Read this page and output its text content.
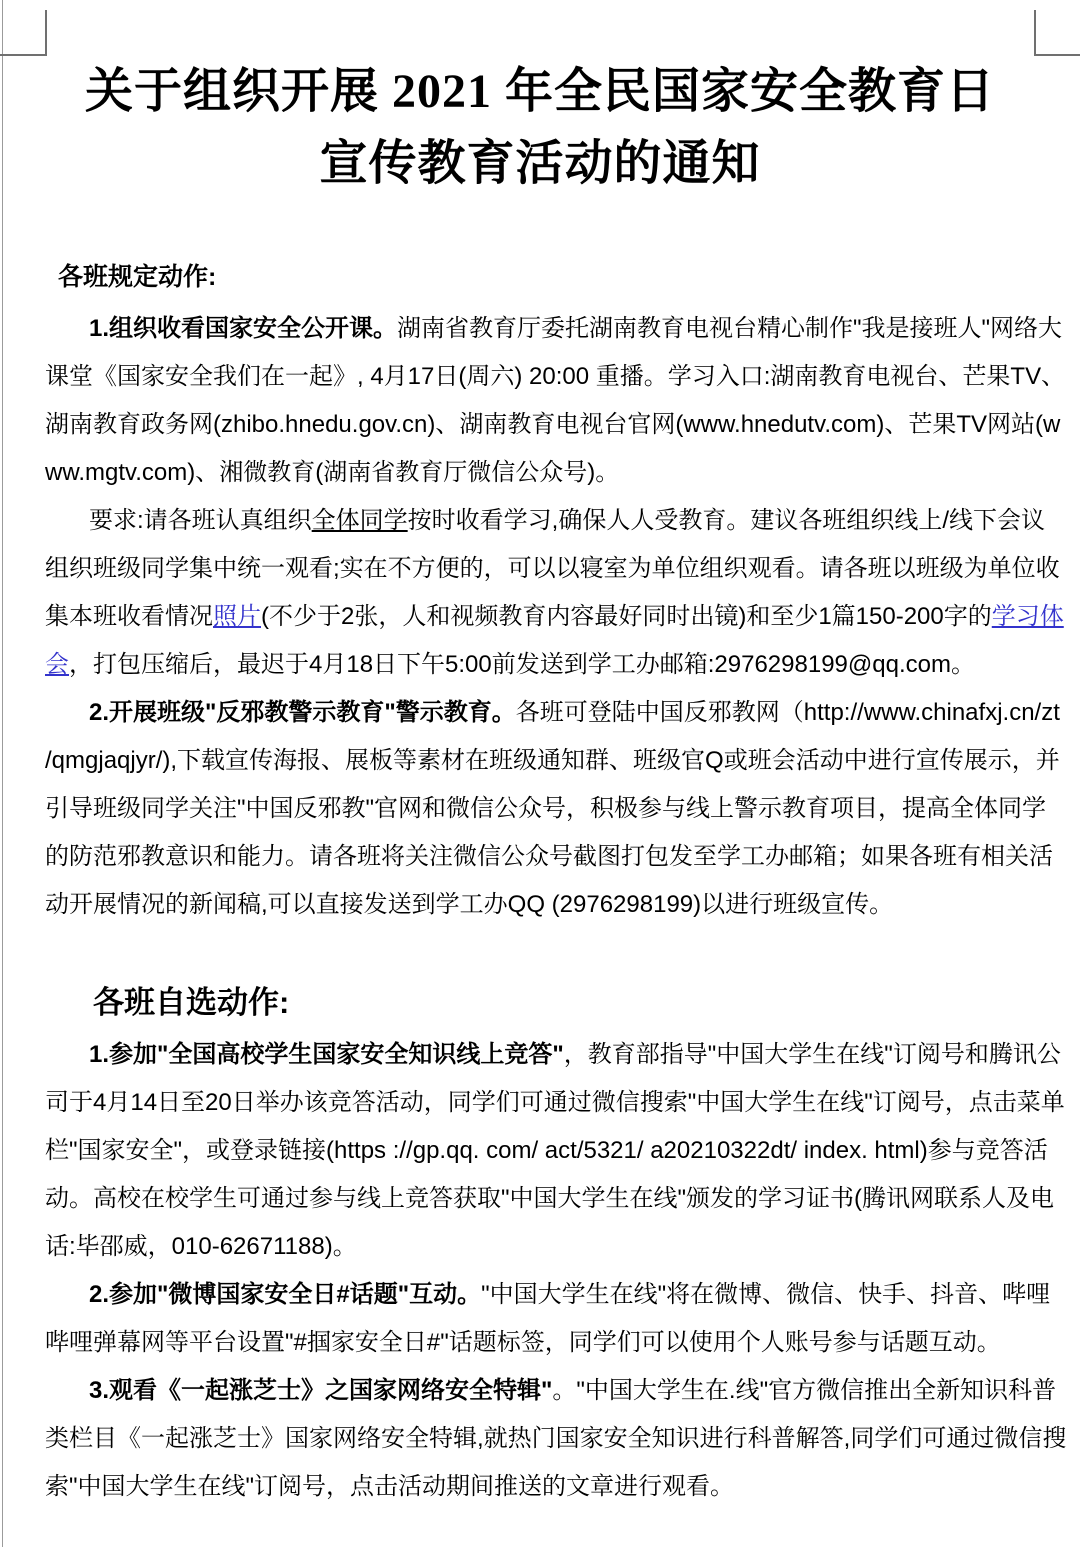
关于组织开展 2021 年全民国家安全教育日
宣传教育活动的通知
各班规定动作:
1.组织收看国家安全公开课。湖南省教育厅委托湖南教育电视台精心制作"我是接班人"网络大
课堂《国家安全我们在一起》, 4月17日(周六) 20:00 重播。学习入口:湖南教育电视台、芒果TV、
湖南教育政务网(zhibo.hnedu.gov.cn)、湖南教育电视台官网(www.hnedutv.com)、芒果TV网站(w
ww.mgtv.com)、湘微教育(湖南省教育厅微信公众号)。
要求:请各班认真组织全体同学按时收看学习,确保人人受教育。建议各班组织线上/线下会议
组织班级同学集中统一观看;实在不方便的，可以以寝室为单位组织观看。请各班以班级为单位收
集本班收看情况照片(不少于2张，人和视频教育内容最好同时出镜)和至少1篇150-200字的学习体
会，打包压缩后，最迟于4月18日下午5:00前发送到学工办邮箱:2976298199@qq.com。
2.开展班级"反邪教警示教育"警示教育。各班可登陆中国反邪教网（http://www.chinafxj.cn/zt
/qmgjaqjyr/),下载宣传海报、展板等素材在班级通知群、班级官Q或班会活动中进行宣传展示，并
引导班级同学关注"中国反邪教"官网和微信公众号，积极参与线上警示教育项目，提高全体同学
的防范邪教意识和能力。请各班将关注微信公众号截图打包发至学工办邮箱；如果各班有相关活
动开展情况的新闻稿,可以直接发送到学工办QQ (2976298199)以进行班级宣传。
各班自选动作:
1.参加"全国高校学生国家安全知识线上竞答"，教育部指导"中国大学生在线"订阅号和腾讯公
司于4月14日至20日举办该竞答活动，同学们可通过微信搜索"中国大学生在线"订阅号，点击菜单
栏"国家安全"，或登录链接(https ://gp.qq. com/ act/5321/ a20210322dt/ index. html)参与竞答活
动。高校在校学生可通过参与线上竞答获取"中国大学生在线"颁发的学习证书(腾讯网联系人及电
话:毕邵威，010-62671188)。
2.参加"微博国家安全日#话题"互动。"中国大学生在线"将在微博、微信、快手、抖音、哔哩
哔哩弹幕网等平台设置"#掴家安全日#"话题标签，同学们可以使用个人账号参与话题互动。
3.观看《一起涨芝士》之国家网络安全特辑"。"中国大学生在.线"官方微信推出全新知识科普
类栏目《一起涨芝士》国家网络安全特辑,就热门国家安全知识进行科普解答,同学们可通过微信搜
索"中国大学生在线"订阅号，点击活动期间推送的文章进行观看。
